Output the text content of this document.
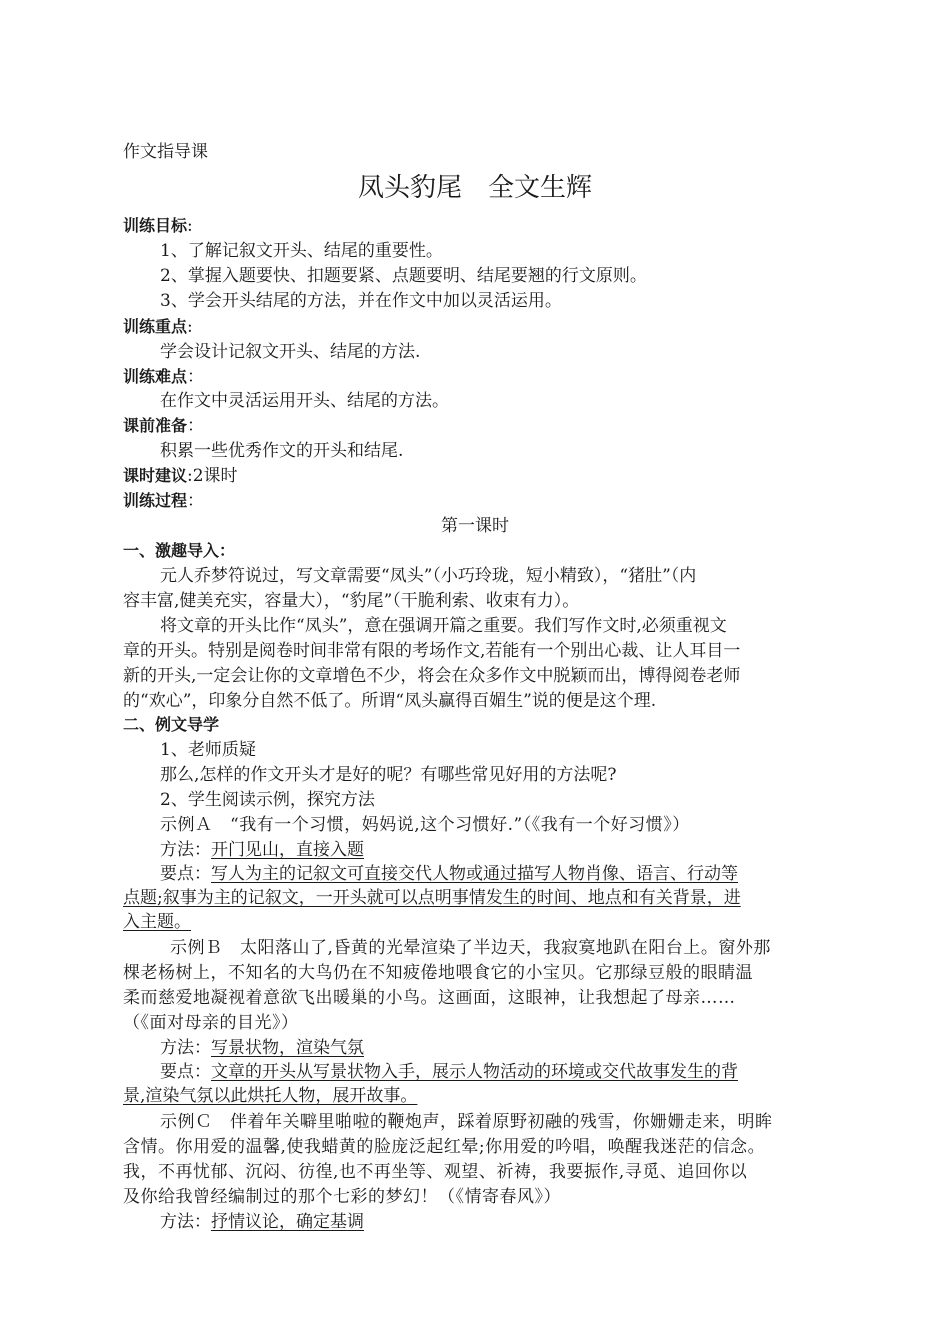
作文指导课
凤头豹尾　全文生辉
训练目标:
1、了解记叙文开头、结尾的重要性。
2、掌握入题要快、扣题要紧、点题要明、结尾要翘的行文原则。
3、学会开头结尾的方法，并在作文中加以灵活运用。
训练重点:
学会设计记叙文开头、结尾的方法.
训练难点：
在作文中灵活运用开头、结尾的方法。
课前准备：
积累一些优秀作文的开头和结尾.
课时建议:2课时
训练过程：
第一课时
一、激趣导入：
元人乔梦符说过，写文章需要“凤头”（小巧玲珑，短小精致），“猪肚”（内
容丰富,健美充实，容量大），“豹尾”（干脆利索、收束有力）。
将文章的开头比作“凤头”，意在强调开篇之重要。我们写作文时,必须重视文
章的开头。特别是阅卷时间非常有限的考场作文,若能有一个别出心裁、让人耳目一
新的开头,一定会让你的文章增色不少，将会在众多作文中脱颖而出，博得阅卷老师
的“欢心”，印象分自然不低了。所谓“凤头赢得百媚生”说的便是这个理.
二、例文导学
1、老师质疑
那么,怎样的作文开头才是好的呢？有哪些常见好用的方法呢?
2、学生阅读示例，探究方法
示例Ａ　“我有一个习惯，妈妈说,这个习惯好.”（《我有一个好习惯》）
方法：开门见山，直接入题
要点：写人为主的记叙文可直接交代人物或通过描写人物肖像、语言、行动等
点题;叙事为主的记叙文，一开头就可以点明事情发生的时间、地点和有关背景，进
入主题。
示例Ｂ　太阳落山了,昏黄的光晕渲染了半边天，我寂寞地趴在阳台上。窗外那
棵老杨树上，不知名的大鸟仍在不知疲倦地喂食它的小宝贝。它那绿豆般的眼睛温
柔而慈爱地凝视着意欲飞出暖巢的小鸟。这画面，这眼神，让我想起了母亲……
（《面对母亲的目光》）
方法：写景状物，渲染气氛
要点：文章的开头从写景状物入手，展示人物活动的环境或交代故事发生的背
景,渲染气氛以此烘托人物，展开故事。
示例Ｃ　伴着年关噼里啪啦的鞭炮声，踩着原野初融的残雪，你姗姗走来，明眸
含情。你用爱的温馨,使我蜡黄的脸庞泛起红晕;你用爱的吟唱，唤醒我迷茫的信念。
我，不再忧郁、沉闷、彷徨,也不再坐等、观望、祈祷，我要振作,寻觅、追回你以
及你给我曾经编制过的那个七彩的梦幻！（《情寄春风》）
方法：抒情议论，确定基调
